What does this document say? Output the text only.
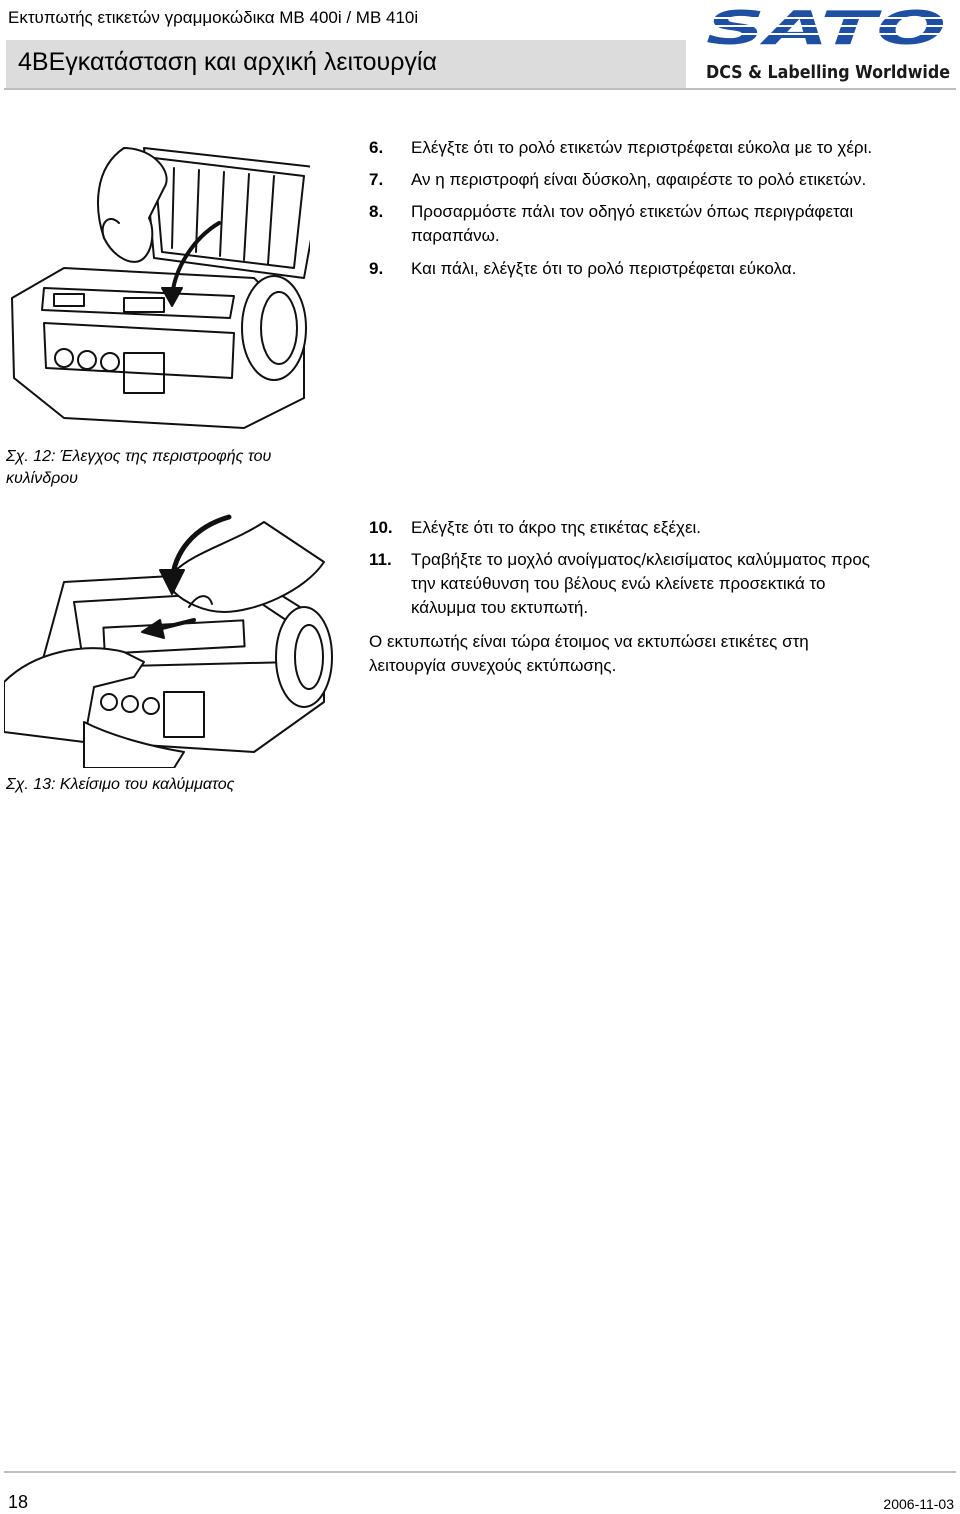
Εκτυπωτής ετικετών γραμμοκώδικα MB 400i / MB 410i
4ΒΕγκατάσταση και αρχική λειτουργία
SATO
DCS & Labelling Worldwide
6. Ελέγξτε ότι το ρολό ετικετών περιστρέφεται εύκολα με το χέρι.
7. Αν η περιστροφή είναι δύσκολη, αφαιρέστε το ρολό ετικετών.
8. Προσαρμόστε πάλι τον οδηγό ετικετών όπως περιγράφεται
παραπάνω.
9. Και πάλι, ελέγξτε ότι το ρολό περιστρέφεται εύκολα.
Σχ. 12: Έλεγχος της περιστροφής του
κυλίνδρου
10. Ελέγξτε ότι το άκρο της ετικέτας εξέχει.
11. Τραβήξτε το μοχλό ανοίγματος/κλεισίματος καλύμματος προς
την κατεύθυνση του βέλους ενώ κλείνετε προσεκτικά το
κάλυμμα του εκτυπωτή.
Ο εκτυπωτής είναι τώρα έτοιμος να εκτυπώσει ετικέτες στη
λειτουργία συνεχούς εκτύπωσης.
Σχ. 13: Κλείσιμο του καλύμματος
18	2006-11-03
